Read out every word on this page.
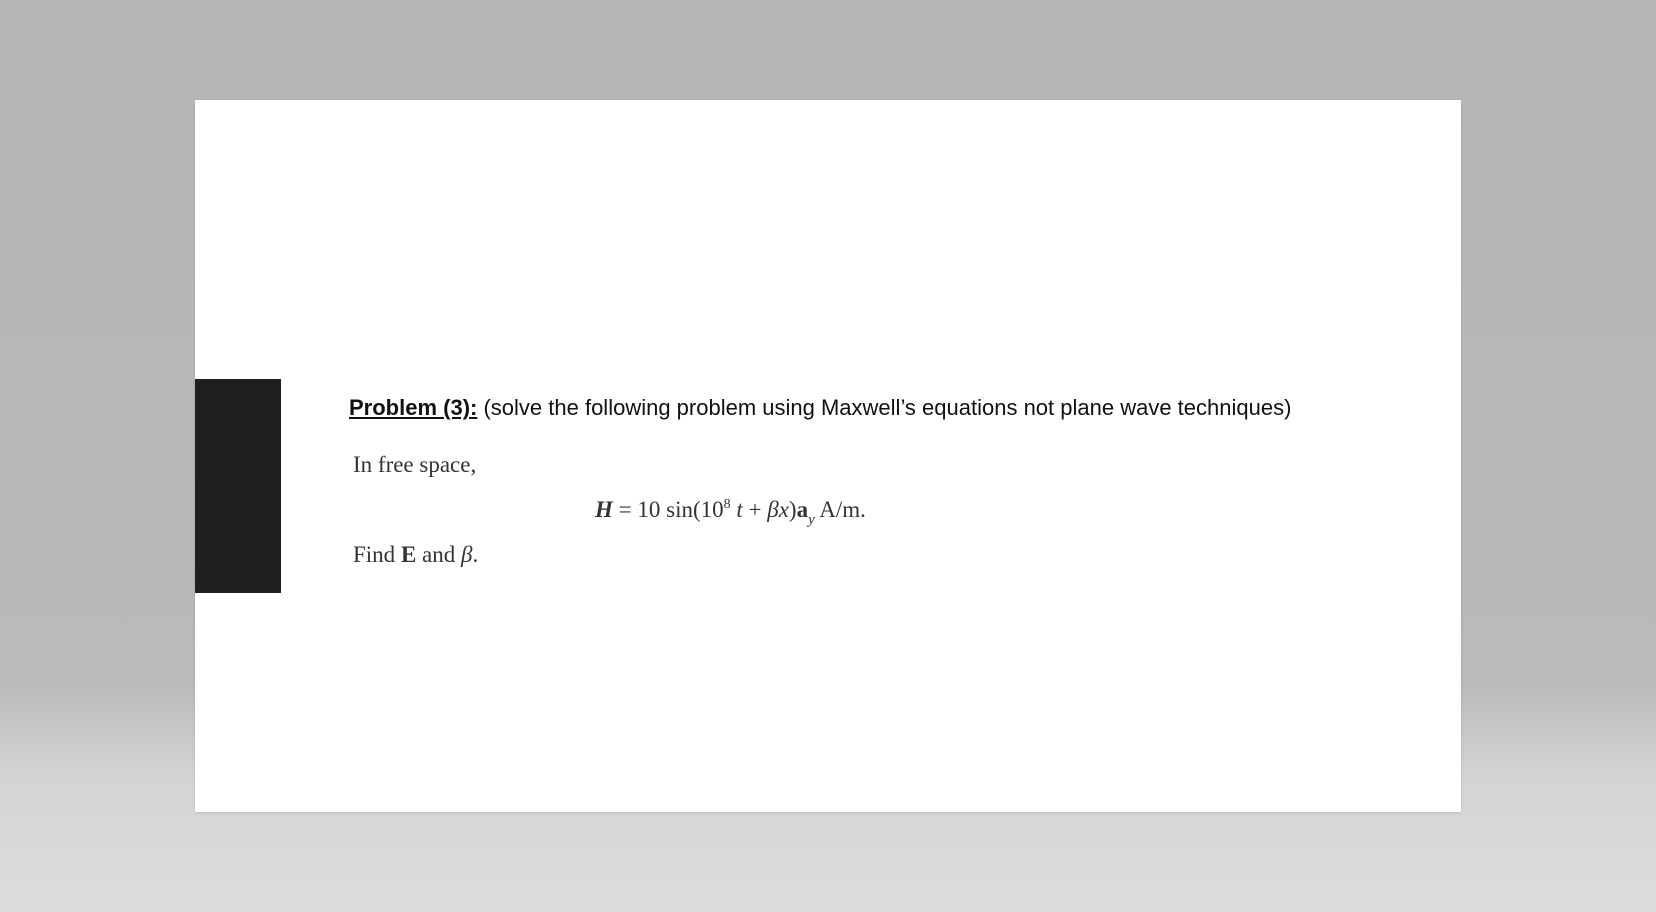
Problem (3): (solve the following problem using Maxwell’s equations not plane wave techniques)
In free space,
H = 10 $\sin(10^8$ $t + \beta x)a_y$ A/m.
Find E and β.
